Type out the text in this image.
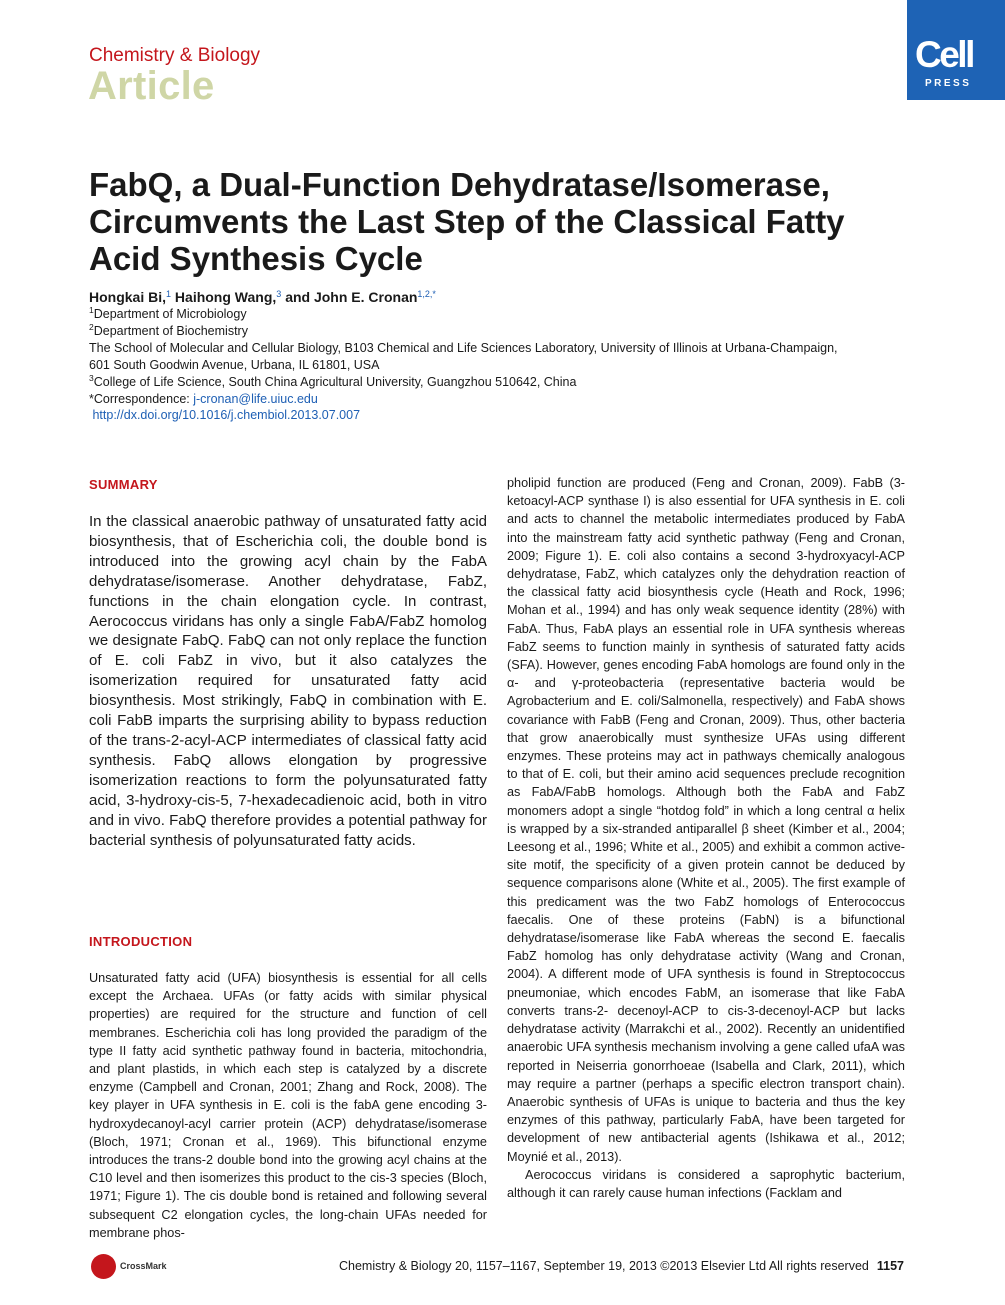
Chemistry & Biology
Article
Cell
PRESS
FabQ, a Dual-Function Dehydratase/Isomerase, Circumvents the Last Step of the Classical Fatty Acid Synthesis Cycle
Hongkai Bi,$^1$ Haihong Wang,$^3$ and John E. Cronan$^{1,2,*}$
$^1$Department of Microbiology
$^2$Department of Biochemistry
The School of Molecular and Cellular Biology, B103 Chemical and Life Sciences Laboratory, University of Illinois at Urbana-Champaign,
601 South Goodwin Avenue, Urbana, IL 61801, USA
$^3$College of Life Science, South China Agricultural University, Guangzhou 510642, China
*Correspondence: j-cronan@life.uiuc.edu
http://dx.doi.org/10.1016/j.chembiol.2013.07.007
SUMMARY

In the classical anaerobic pathway of unsaturated fatty acid biosynthesis, that of Escherichia coli, the double bond is introduced into the growing acyl chain by the FabA dehydratase/isomerase. Another dehydratase, FabZ, functions in the chain elongation cycle. In contrast, Aerococcus viridans has only a single FabA/FabZ homolog we designate FabQ. FabQ can not only replace the function of E. coli FabZ in vivo, but it also catalyzes the isomerization required for unsaturated fatty acid biosynthesis. Most strikingly, FabQ in combination with E. coli FabB imparts the surprising ability to bypass reduction of the trans-2-acyl-ACP intermediates of classical fatty acid synthesis. FabQ allows elongation by progressive isomerization reactions to form the polyunsaturated fatty acid, 3-hydroxy-cis-5, 7-hexadecadienoic acid, both in vitro and in vivo. FabQ therefore provides a potential pathway for bacterial synthesis of polyunsaturated fatty acids.

INTRODUCTION

Unsaturated fatty acid (UFA) biosynthesis is essential for all cells except the Archaea. UFAs (or fatty acids with similar physical properties) are required for the structure and function of cell membranes. Escherichia coli has long provided the paradigm of the type II fatty acid synthetic pathway found in bacteria, mitochondria, and plant plastids, in which each step is catalyzed by a discrete enzyme (Campbell and Cronan, 2001; Zhang and Rock, 2008). The key player in UFA synthesis in E. coli is the fabA gene encoding 3-hydroxydecanoyl-acyl carrier protein (ACP) dehydratase/isomerase (Bloch, 1971; Cronan et al., 1969). This bifunctional enzyme introduces the trans-2 double bond into the growing acyl chains at the C10 level and then isomerizes this product to the cis-3 species (Bloch, 1971; Figure 1). The cis double bond is retained and following several subsequent C2 elongation cycles, the long-chain UFAs needed for membrane phos-

pholipid function are produced (Feng and Cronan, 2009). FabB (3-ketoacyl-ACP synthase I) is also essential for UFA synthesis in E. coli and acts to channel the metabolic intermediates produced by FabA into the mainstream fatty acid synthetic pathway (Feng and Cronan, 2009; Figure 1). E. coli also contains a second 3-hydroxyacyl-ACP dehydratase, FabZ, which catalyzes only the dehydration reaction of the classical fatty acid biosynthesis cycle (Heath and Rock, 1996; Mohan et al., 1994) and has only weak sequence identity (28%) with FabA. Thus, FabA plays an essential role in UFA synthesis whereas FabZ seems to function mainly in synthesis of saturated fatty acids (SFA). However, genes encoding FabA homologs are found only in the α- and γ-proteobacteria (representative bacteria would be Agrobacterium and E. coli/Salmonella, respectively) and FabA shows covariance with FabB (Feng and Cronan, 2009). Thus, other bacteria that grow anaerobically must synthesize UFAs using different enzymes. These proteins may act in pathways chemically analogous to that of E. coli, but their amino acid sequences preclude recognition as FabA/FabB homologs. Although both the FabA and FabZ monomers adopt a single “hotdog fold” in which a long central α helix is wrapped by a six-stranded antiparallel β sheet (Kimber et al., 2004; Leesong et al., 1996; White et al., 2005) and exhibit a common active-site motif, the specificity of a given protein cannot be deduced by sequence comparisons alone (White et al., 2005). The first example of this predicament was the two FabZ homologs of Enterococcus faecalis. One of these proteins (FabN) is a bifunctional dehydratase/isomerase like FabA whereas the second E. faecalis FabZ homolog has only dehydratase activity (Wang and Cronan, 2004). A different mode of UFA synthesis is found in Streptococcus pneumoniae, which encodes FabM, an isomerase that like FabA converts trans-2- decenoyl-ACP to cis-3-decenoyl-ACP but lacks dehydratase activity (Marrakchi et al., 2002). Recently an unidentified anaerobic UFA synthesis mechanism involving a gene called ufaA was reported in Neiserria gonorrhoeae (Isabella and Clark, 2011), which may require a partner (perhaps a specific electron transport chain). Anaerobic synthesis of UFAs is unique to bacteria and thus the key enzymes of this pathway, particularly FabA, have been targeted for development of new antibacterial agents (Ishikawa et al., 2012; Moynié et al., 2013).

Aerococcus viridans is considered a saprophytic bacterium, although it can rarely cause human infections (Facklam and

CrossMark	Chemistry & Biology 20, 1157–1167, September 19, 2013 ©2013 Elsevier Ltd All rights reserved 1157
